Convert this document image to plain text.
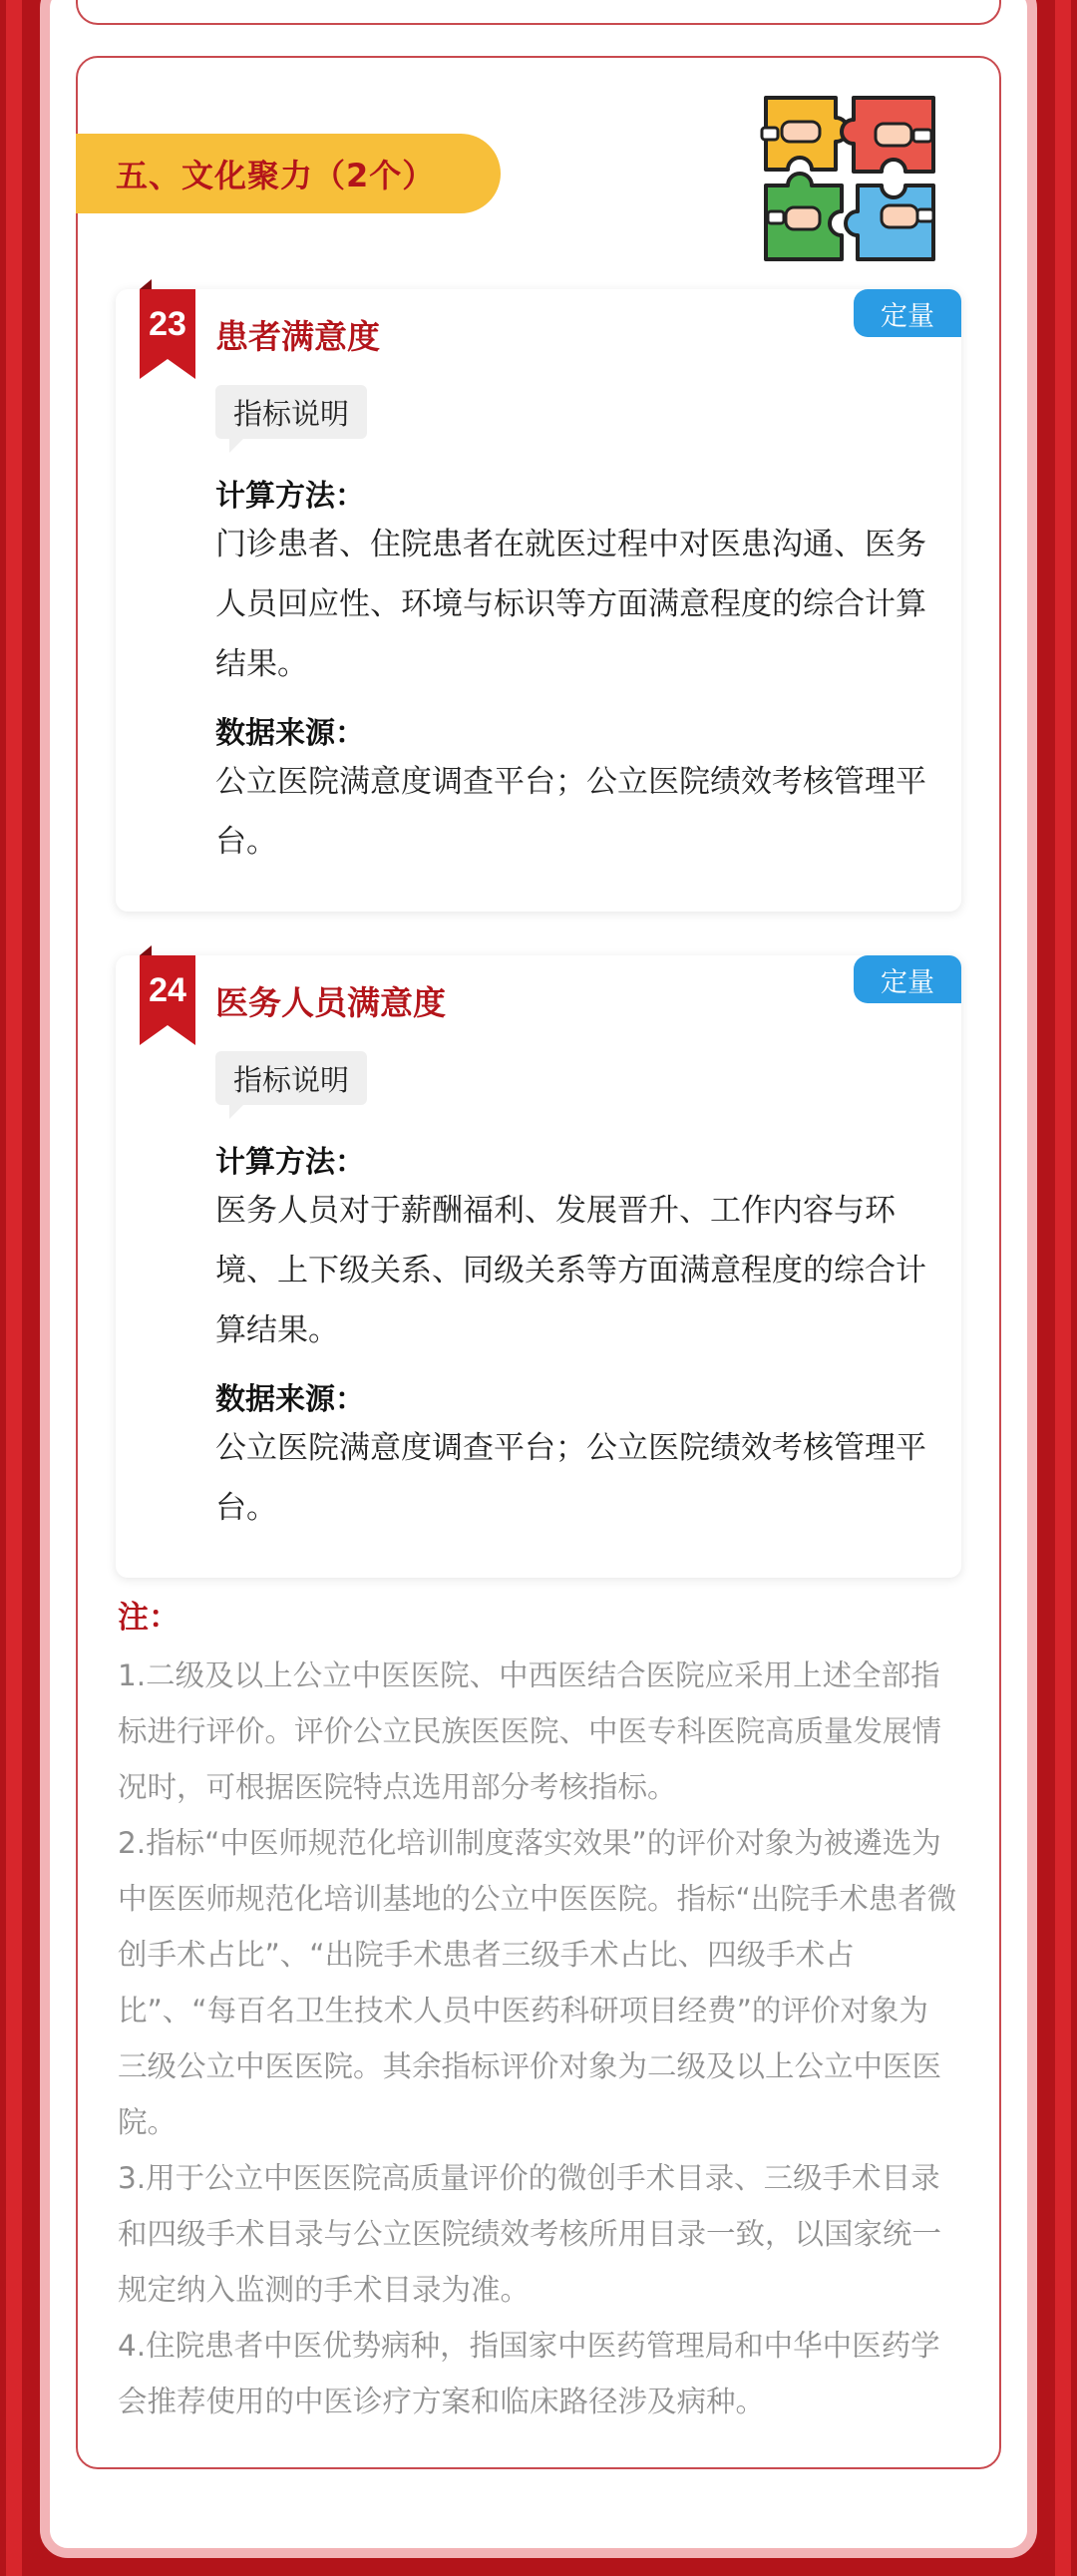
五、文化聚力（2个）
23 患者满意度
定量
指标说明
计算方法：
门诊患者、住院患者在就医过程中对医患沟通、医务人员回应性、环境与标识等方面满意程度的综合计算结果。
数据来源：
公立医院满意度调查平台；公立医院绩效考核管理平台。
24 医务人员满意度
定量
指标说明
计算方法：
医务人员对于薪酬福利、发展晋升、工作内容与环境、上下级关系、同级关系等方面满意程度的综合计算结果。
数据来源：
公立医院满意度调查平台；公立医院绩效考核管理平台。
注：
1.二级及以上公立中医医院、中西医结合医院应采用上述全部指标进行评价。评价公立民族医医院、中医专科医院高质量发展情况时，可根据医院特点选用部分考核指标。
2.指标“中医师规范化培训制度落实效果”的评价对象为被遴选为中医医师规范化培训基地的公立中医医院。指标“出院手术患者微创手术占比”、“出院手术患者三级手术占比、四级手术占比”、“每百名卫生技术人员中医药科研项目经费”的评价对象为三级公立中医医院。其余指标评价对象为二级及以上公立中医医院。
3.用于公立中医医院高质量评价的微创手术目录、三级手术目录和四级手术目录与公立医院绩效考核所用目录一致，以国家统一规定纳入监测的手术目录为准。
4.住院患者中医优势病种，指国家中医药管理局和中华中医药学会推荐使用的中医诊疗方案和临床路径涉及病种。
